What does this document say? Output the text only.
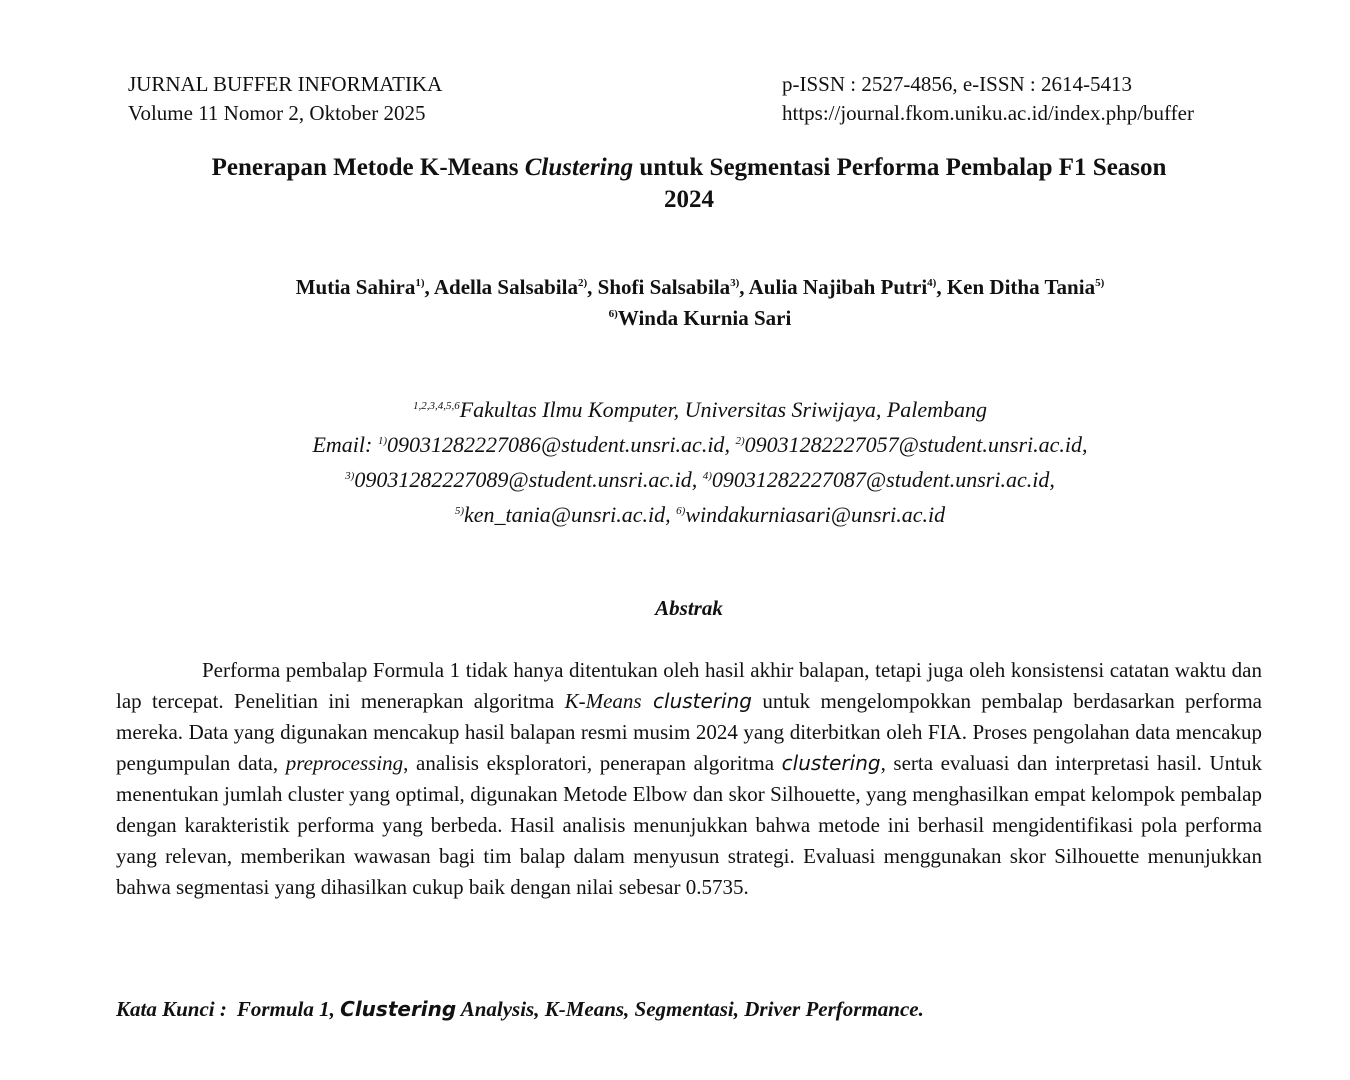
JURNAL BUFFER INFORMATIKA
Volume 11 Nomor 2, Oktober 2025
p-ISSN : 2527-4856, e-ISSN : 2614-5413
https://journal.fkom.uniku.ac.id/index.php/buffer
Penerapan Metode K-Means Clustering untuk Segmentasi Performa Pembalap F1 Season
2024
Mutia Sahira$^{1)}$, Adella Salsabila$^{2)}$, Shofi Salsabila$^{3)}$, Aulia Najibah Putri$^{4)}$, Ken Ditha Tania$^{5)}$
$^{6)}$Winda Kurnia Sari
$^{1,2,3,4,5,6}$Fakultas Ilmu Komputer, Universitas Sriwijaya, Palembang
Email: $^{1)}$09031282227086@student.unsri.ac.id, $^{2)}$09031282227057@student.unsri.ac.id,
$^{3)}$09031282227089@student.unsri.ac.id, $^{4)}$09031282227087@student.unsri.ac.id,
$^{5)}$ken_tania@unsri.ac.id, $^{6)}$windakurniasari@unsri.ac.id
Abstrak
Performa pembalap Formula 1 tidak hanya ditentukan oleh hasil akhir balapan, tetapi juga oleh konsistensi catatan waktu dan lap tercepat. Penelitian ini menerapkan algoritma K-Means clustering untuk mengelompokkan pembalap berdasarkan performa mereka. Data yang digunakan mencakup hasil balapan resmi musim 2024 yang diterbitkan oleh FIA. Proses pengolahan data mencakup pengumpulan data, preprocessing, analisis eksploratori, penerapan algoritma clustering, serta evaluasi dan interpretasi hasil. Untuk menentukan jumlah cluster yang optimal, digunakan Metode Elbow dan skor Silhouette, yang menghasilkan empat kelompok pembalap dengan karakteristik performa yang berbeda. Hasil analisis menunjukkan bahwa metode ini berhasil mengidentifikasi pola performa yang relevan, memberikan wawasan bagi tim balap dalam menyusun strategi. Evaluasi menggunakan skor Silhouette menunjukkan bahwa segmentasi yang dihasilkan cukup baik dengan nilai sebesar 0.5735.
Kata Kunci : Formula 1, Clustering Analysis, K-Means, Segmentasi, Driver Performance.
